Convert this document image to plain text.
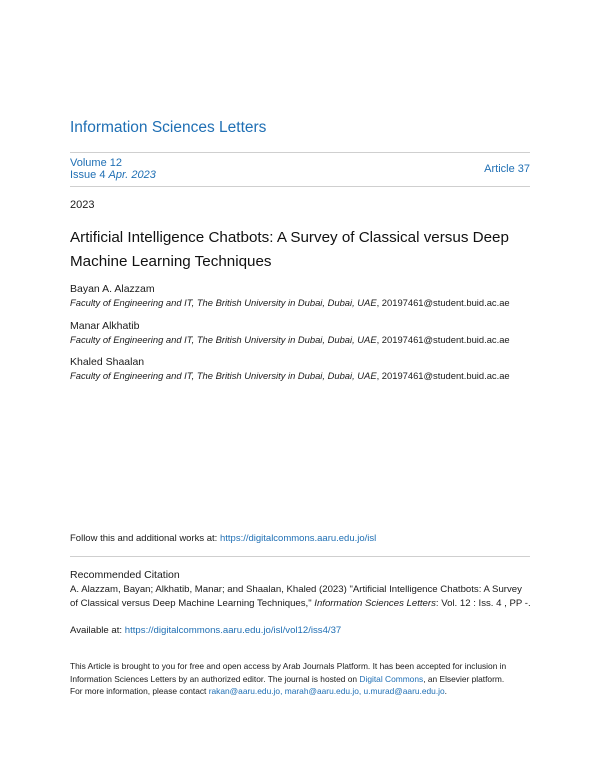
Information Sciences Letters
Volume 12
Issue 4 Apr. 2023	Article 37
2023
Artificial Intelligence Chatbots: A Survey of Classical versus Deep Machine Learning Techniques
Bayan A. Alazzam
Faculty of Engineering and IT, The British University in Dubai, Dubai, UAE, 20197461@student.buid.ac.ae
Manar Alkhatib
Faculty of Engineering and IT, The British University in Dubai, Dubai, UAE, 20197461@student.buid.ac.ae
Khaled Shaalan
Faculty of Engineering and IT, The British University in Dubai, Dubai, UAE, 20197461@student.buid.ac.ae
Follow this and additional works at: https://digitalcommons.aaru.edu.jo/isl
Recommended Citation
A. Alazzam, Bayan; Alkhatib, Manar; and Shaalan, Khaled (2023) "Artificial Intelligence Chatbots: A Survey of Classical versus Deep Machine Learning Techniques," Information Sciences Letters: Vol. 12 : Iss. 4 , PP -.
Available at: https://digitalcommons.aaru.edu.jo/isl/vol12/iss4/37
This Article is brought to you for free and open access by Arab Journals Platform. It has been accepted for inclusion in Information Sciences Letters by an authorized editor. The journal is hosted on Digital Commons, an Elsevier platform. For more information, please contact rakan@aaru.edu.jo, marah@aaru.edu.jo, u.murad@aaru.edu.jo.
